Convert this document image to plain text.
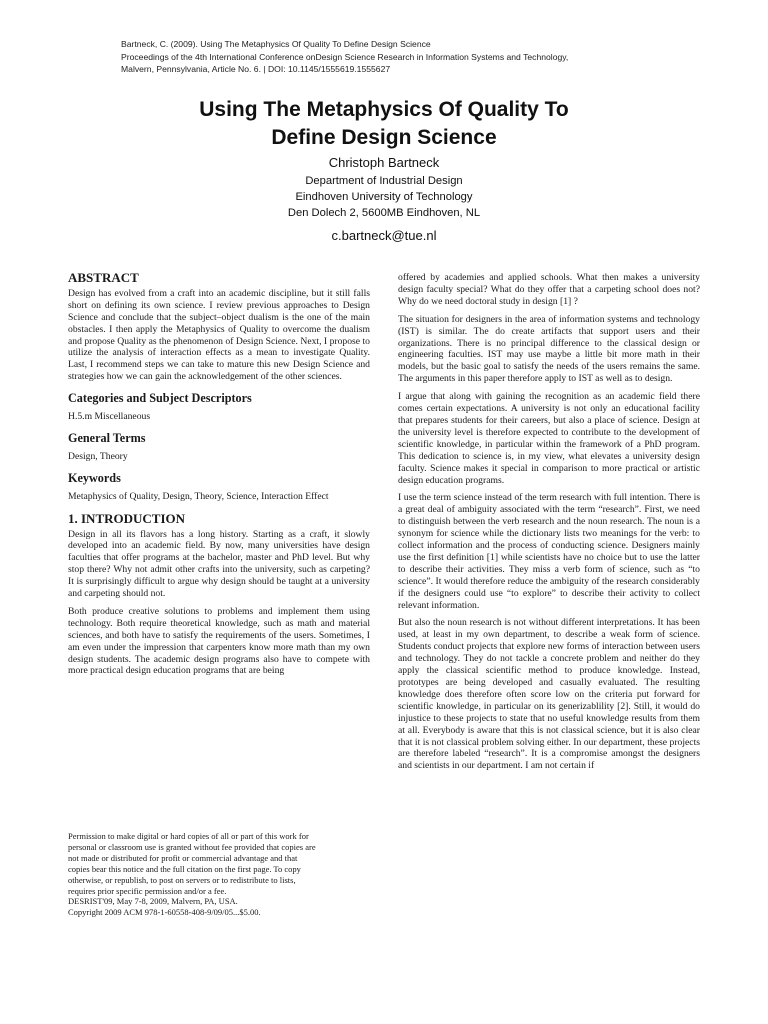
Bartneck, C. (2009). Using The Metaphysics Of Quality To Define Design Science
Proceedings of the 4th International Conference onDesign Science Research in Information Systems and Technology,
Malvern, Pennsylvania, Article No. 6. | DOI: 10.1145/1555619.1555627
Using The Metaphysics Of Quality To
Define Design Science
Christoph Bartneck
Department of Industrial Design
Eindhoven University of Technology
Den Dolech 2, 5600MB Eindhoven, NL
c.bartneck@tue.nl
ABSTRACT

Design has evolved from a craft into an academic discipline, but it still falls short on defining its own science. I review previous approaches to Design Science and conclude that the subject–object dualism is the one of the main obstacles. I then apply the Metaphysics of Quality to overcome the dualism and propose Quality as the phenomenon of Design Science. Next, I propose to utilize the analysis of interaction effects as a mean to investigate Quality. Last, I recommend steps we can take to mature this new Design Science and strategies how we can gain the acknowledgement of the other sciences.

Categories and Subject Descriptors

H.5.m Miscellaneous

General Terms

Design, Theory

Keywords

Metaphysics of Quality, Design, Theory, Science, Interaction Effect

1. INTRODUCTION

Design in all its flavors has a long history. Starting as a craft, it slowly developed into an academic field. By now, many universities have design faculties that offer programs at the bachelor, master and PhD level. But why stop there? Why not admit other crafts into the university, such as carpeting? It is surprisingly difficult to argue why design should be taught at a university and carpeting should not.

Both produce creative solutions to problems and implement them using technology. Both require theoretical knowledge, such as math and material sciences, and both have to satisfy the requirements of the users. Sometimes, I am even under the impression that carpenters know more math than my own design students. The academic design programs also have to compete with more practical design education programs that are being

Permission to make digital or hard copies of all or part of this work for

personal or classroom use is granted without fee provided that copies are

not made or distributed for profit or commercial advantage and that

copies bear this notice and the full citation on the first page. To copy

otherwise, or republish, to post on servers or to redistribute to lists,

requires prior specific permission and/or a fee.

DESRIST'09, May 7-8, 2009, Malvern, PA, USA.

Copyright 2009 ACM 978-1-60558-408-9/09/05...$5.00.

offered by academies and applied schools. What then makes a university design faculty special? What do they offer that a carpeting school does not? Why do we need doctoral study in design [1] ?

The situation for designers in the area of information systems and technology (IST) is similar. The do create artifacts that support users and their organizations. There is no principal difference to the classical design or engineering faculties. IST may use maybe a little bit more math in their models, but the basic goal to satisfy the needs of the users remains the same. The arguments in this paper therefore apply to IST as well as to design.

I argue that along with gaining the recognition as an academic field there comes certain expectations. A university is not only an educational facility that prepares students for their careers, but also a place of science. Design at the university level is therefore expected to contribute to the development of scientific knowledge, in particular within the framework of a PhD program. This dedication to science is, in my view, what elevates a university design faculty. Science makes it special in comparison to more practical or artistic design education programs.

I use the term science instead of the term research with full intention. There is a great deal of ambiguity associated with the term “research”. First, we need to distinguish between the verb research and the noun research. The noun is a synonym for science while the dictionary lists two meanings for the verb: to collect information and the process of conducting science. Designers mainly use the first definition [1] while scientists have no choice but to use the latter to describe their activities. They miss a verb form of science, such as “to science”. It would therefore reduce the ambiguity of the research considerably if the designers could use “to explore” to describe their activity to collect relevant information.

But also the noun research is not without different interpretations. It has been used, at least in my own department, to describe a weak form of science. Students conduct projects that explore new forms of interaction between users and technology. They do not tackle a concrete problem and neither do they apply the classical scientific method to produce knowledge. Instead, prototypes are being developed and casually evaluated. The resulting knowledge does therefore often score low on the criteria put forward for scientific knowledge, in particular on its generizablility [2]. Still, it would do injustice to these projects to state that no useful knowledge results from them at all. Everybody is aware that this is not classical science, but it is also clear that it is not classical problem solving either. In our department, these projects are therefore labeled “research”. It is a compromise amongst the designers and scientists in our department. I am not certain if
